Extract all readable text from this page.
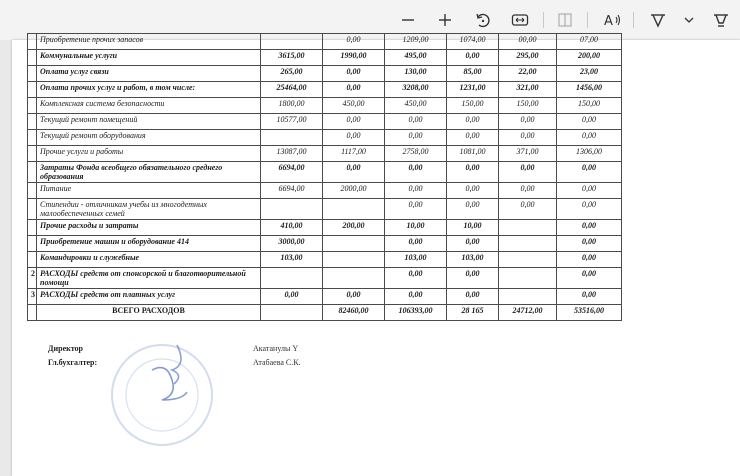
A
	Приобретение прочих запасов		0,00	1209,00	1074,00	00,00	07,00
	Коммунальные услуги	3615,00	1990,00	495,00	0,00	295,00	200,00
	Оплата услуг связи	265,00	0,00	130,00	85,00	22,00	23,00
	Оплата прочих услуг и работ, в том числе:	25464,00	0,00	3208,00	1231,00	321,00	1456,00
	Комплексная система безопасности	1800,00	450,00	450,00	150,00	150,00	150,00
	Текущий ремонт помещений	10577,00	0,00	0,00	0,00	0,00	0,00
	Текущий ремонт оборудования		0,00	0,00	0,00	0,00	0,00
	Прочие услуги и работы	13087,00	1117,00	2758,00	1081,00	371,00	1306,00
	Затраты Фонда всеобщего обязательного среднего образования	6694,00	0,00	0,00	0,00	0,00	0,00
	Питание	6694,00	2000,00	0,00	0,00	0,00	0,00
	Стипендии - отличникам учебы из многодетных малообеспеченных семей			0,00	0,00	0,00	0,00
	Прочие расходы и затраты	410,00	200,00	10,00	10,00		0,00
	Приобретение машин и оборудование 414	3000,00		0,00	0,00		0,00
	Командировки и служебные	103,00		103,00	103,00		0,00
2	РАСХОДЫ средств от спонсорской и благотворительной помощи			0,00	0,00		0,00
3	РАСХОДЫ средств от платных услуг	0,00	0,00	0,00	0,00		0,00
	ВСЕГО РАСХОДОВ		82460,00	106393,00	28 165	24712,00	53516,00
Директор	Акатанулы Ү
Гл.бухгалтер:	Атабаева С.К.
